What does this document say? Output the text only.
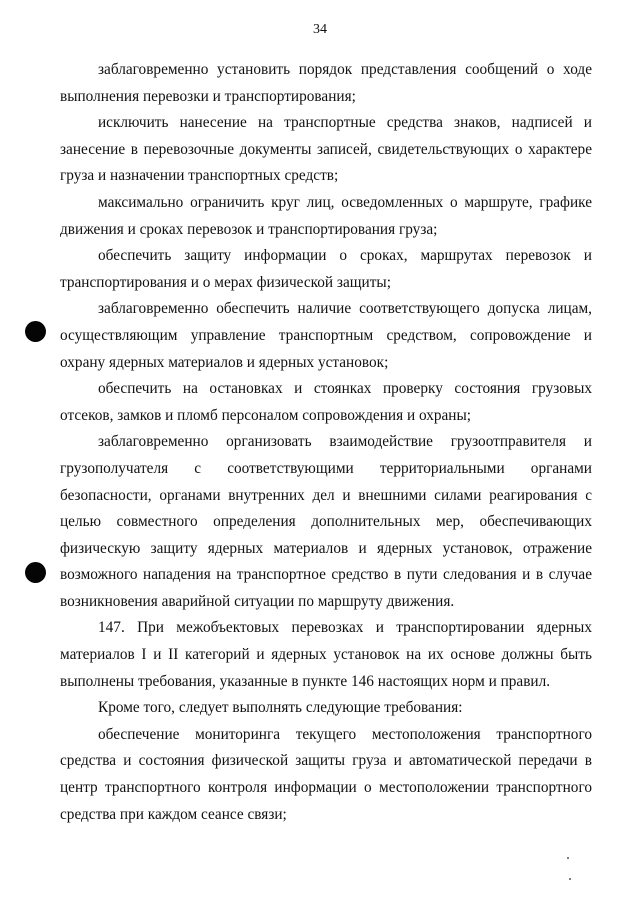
34

заблаговременно установить порядок представления сообщений о ходе выполнения перевозки и транспортирования;

исключить нанесение на транспортные средства знаков, надписей и занесение в перевозочные документы записей, свидетельствующих о характере груза и назначении транспортных средств;

максимально ограничить круг лиц, осведомленных о маршруте, графике движения и сроках перевозок и транспортирования груза;

обеспечить защиту информации о сроках, маршрутах перевозок и транспортирования и о мерах физической защиты;

заблаговременно обеспечить наличие соответствующего допуска лицам, осуществляющим управление транспортным средством, сопровождение и охрану ядерных материалов и ядерных установок;

обеспечить на остановках и стоянках проверку состояния грузовых отсеков, замков и пломб персоналом сопровождения и охраны;

заблаговременно организовать взаимодействие грузоотправителя и грузополучателя с соответствующими территориальными органами безопасности, органами внутренних дел и внешними силами реагирования с целью совместного определения дополнительных мер, обеспечивающих физическую защиту ядерных материалов и ядерных установок, отражение возможного нападения на транспортное средство в пути следования и в случае возникновения аварийной ситуации по маршруту движения.

147. При межобъектовых перевозках и транспортировании ядерных материалов I и II категорий и ядерных установок на их основе должны быть выполнены требования, указанные в пункте 146 настоящих норм и правил.

Кроме того, следует выполнять следующие требования:

обеспечение мониторинга текущего местоположения транспортного средства и состояния физической защиты груза и автоматической передачи в центр транспортного контроля информации о местоположении транспортного средства при каждом сеансе связи;
